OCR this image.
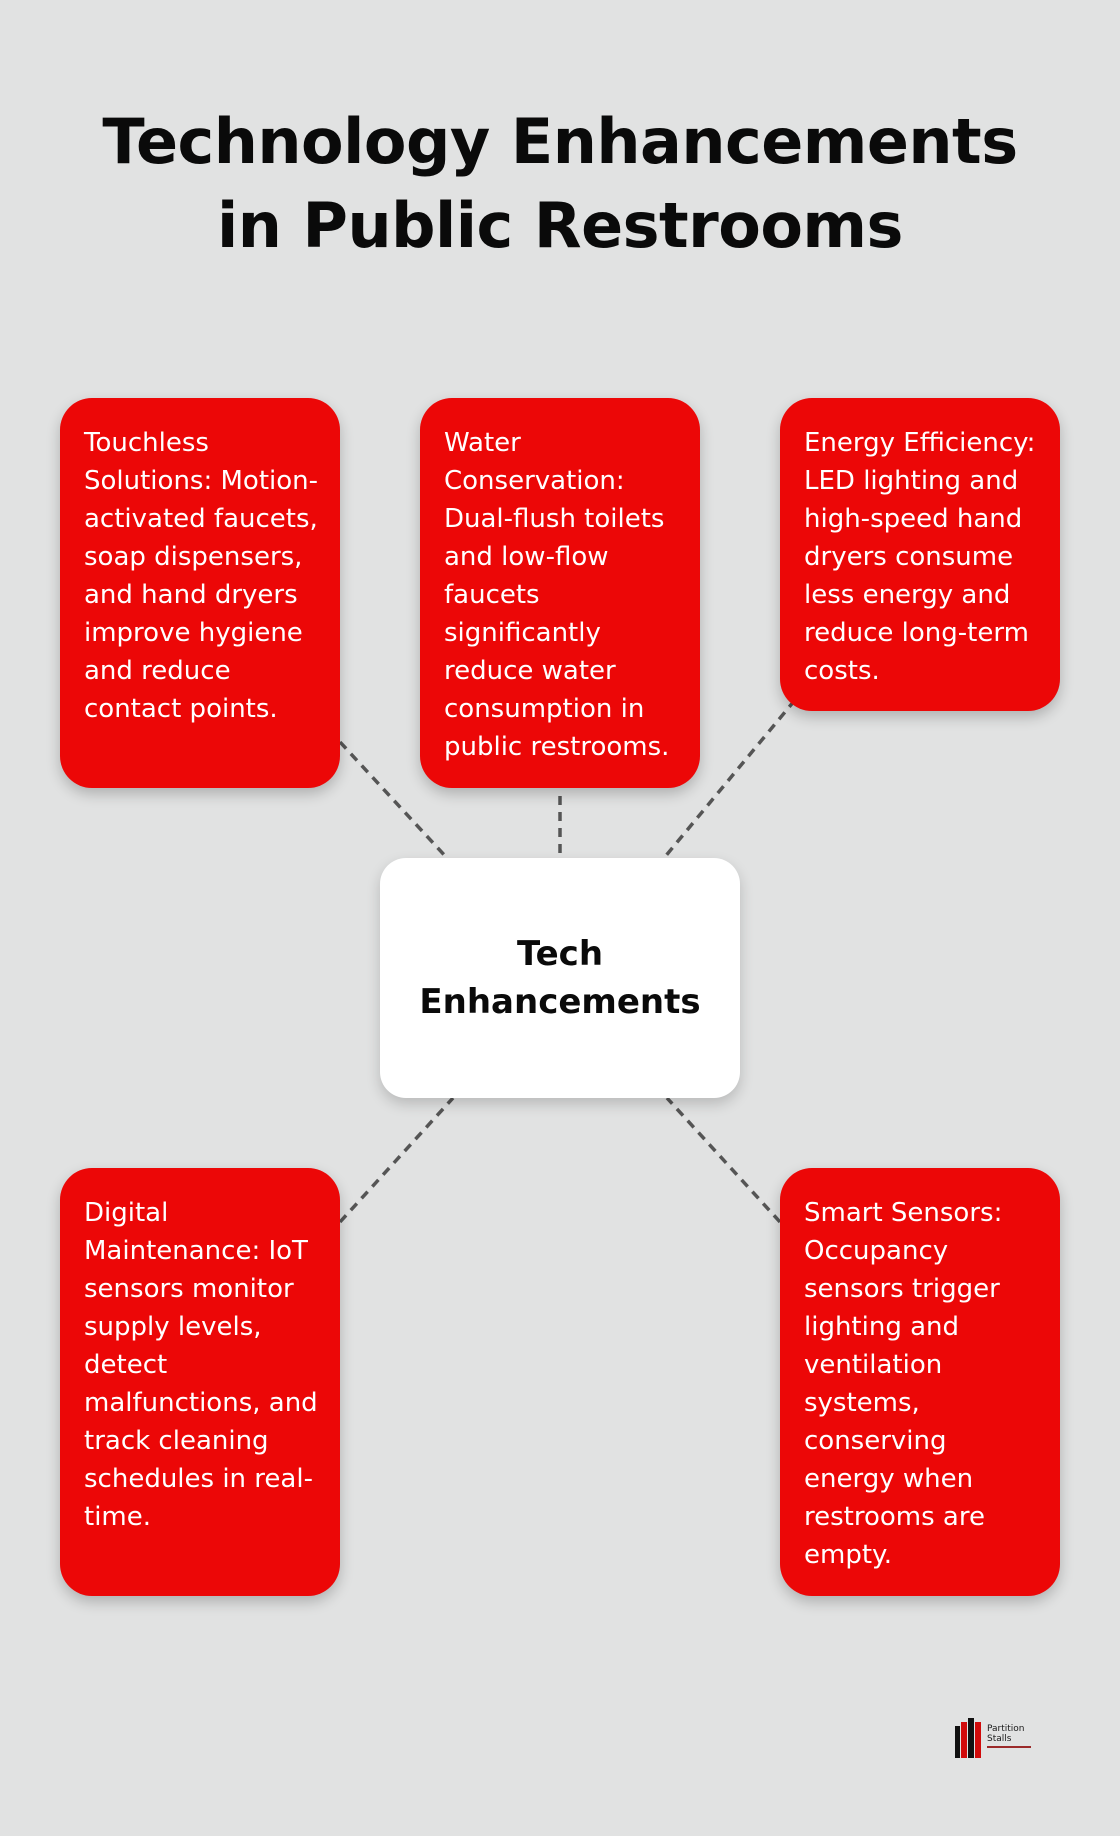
Technology Enhancements in Public Restrooms
Touchless Solutions: Motion-activated faucets, soap dispensers, and hand dryers improve hygiene and reduce contact points.
Water Conservation: Dual-flush toilets and low-flow faucets significantly reduce water consumption in public restrooms.
Energy Efficiency: LED lighting and high-speed hand dryers consume less energy and reduce long-term costs.
Digital Maintenance: IoT sensors monitor supply levels, detect malfunctions, and track cleaning schedules in real-time.
Smart Sensors: Occupancy sensors trigger lighting and ventilation systems, conserving energy when restrooms are empty.
Tech Enhancements
Partition
Stalls
